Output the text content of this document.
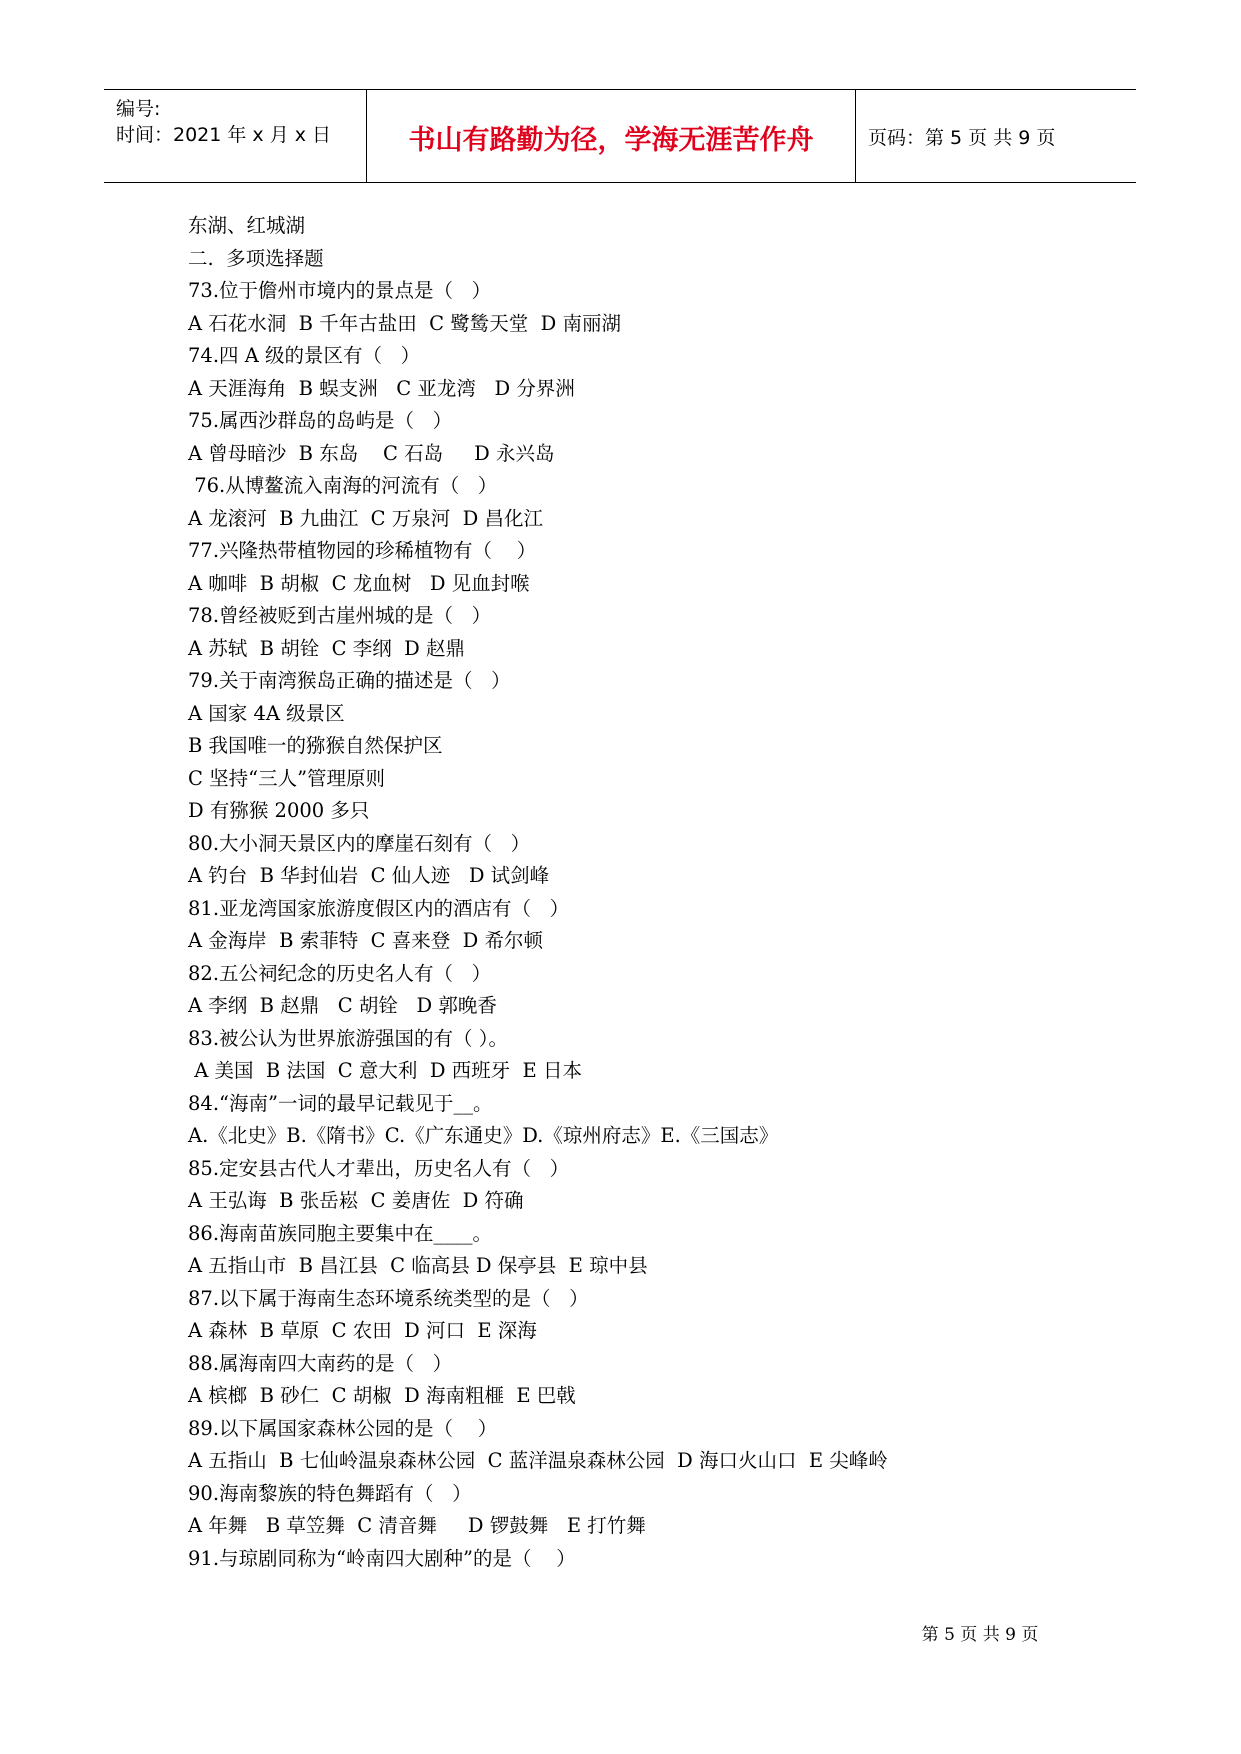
编号:
时间：2021 年 x 月 x 日	书山有路勤为径，学海无涯苦作舟	页码：第 5 页 共 9 页
东湖、红城湖
二.  多项选择题
73.位于儋州市境内的景点是（   ）
A 石花水洞  B 千年古盐田  C 鹭鸶天堂  D 南丽湖
74.四 A 级的景区有（   ）
A 天涯海角  B 蜈支洲   C 亚龙湾   D 分界洲
75.属西沙群岛的岛屿是（   ）
A 曾母暗沙  B 东岛    C 石岛     D 永兴岛
76.从博鳌流入南海的河流有（   ）
A 龙滚河  B 九曲江  C 万泉河  D 昌化江
77.兴隆热带植物园的珍稀植物有（    ）
A 咖啡  B 胡椒  C 龙血树   D 见血封喉
78.曾经被贬到古崖州城的是（   ）
A 苏轼  B 胡铨  C 李纲  D 赵鼎
79.关于南湾猴岛正确的描述是（   ）
A 国家 4A 级景区
B 我国唯一的猕猴自然保护区
C 坚持“三人”管理原则
D 有猕猴 2000 多只
80.大小洞天景区内的摩崖石刻有（   ）
A 钓台  B 华封仙岩  C 仙人迹   D 试剑峰
81.亚龙湾国家旅游度假区内的酒店有（   ）
A 金海岸  B 索菲特  C 喜来登  D 希尔顿
82.五公祠纪念的历史名人有（   ）
A 李纲  B 赵鼎   C 胡铨   D 郭晚香
83.被公认为世界旅游强国的有（ ）。
A 美国  B 法国  C 意大利  D 西班牙  E 日本
84.“海南”一词的最早记载见于__。
A.《北史》B.《隋书》C.《广东通史》D.《琼州府志》E.《三国志》
85.定安县古代人才辈出，历史名人有（   ）
A 王弘诲  B 张岳崧  C 姜唐佐  D 符确
86.海南苗族同胞主要集中在____。
A 五指山市  B 昌江县  C 临高县 D 保亭县  E 琼中县
87.以下属于海南生态环境系统类型的是（   ）
A 森林  B 草原  C 农田  D 河口  E 深海
88.属海南四大南药的是（   ）
A 槟榔  B 砂仁  C 胡椒  D 海南粗榧  E 巴戟
89.以下属国家森林公园的是（    ）
A 五指山  B 七仙岭温泉森林公园  C 蓝洋温泉森林公园  D 海口火山口  E 尖峰岭
90.海南黎族的特色舞蹈有（   ）
A 年舞   B 草笠舞  C 清音舞     D 锣鼓舞   E 打竹舞
91.与琼剧同称为“岭南四大剧种”的是（    ）
第 5 页 共 9 页
